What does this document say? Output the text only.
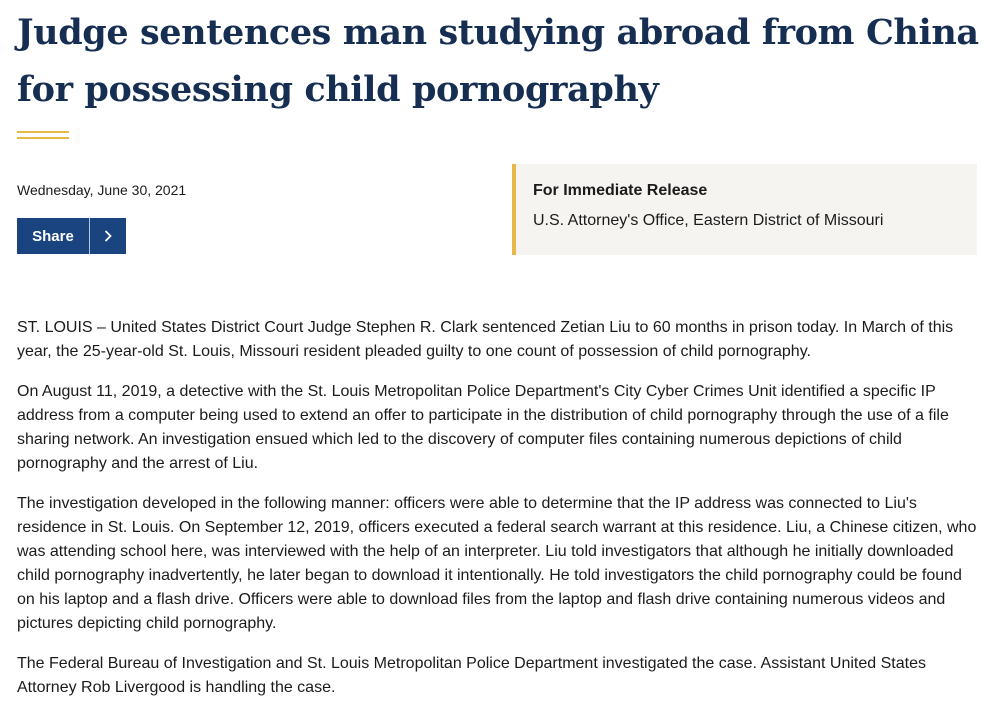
Judge sentences man studying abroad from China for possessing child pornography
Wednesday, June 30, 2021
Share

For Immediate Release

U.S. Attorney's Office, Eastern District of Missouri

ST. LOUIS – United States District Court Judge Stephen R. Clark sentenced Zetian Liu to 60 months in prison today. In March of this year, the 25-year-old St. Louis, Missouri resident pleaded guilty to one count of possession of child pornography.

On August 11, 2019, a detective with the St. Louis Metropolitan Police Department's City Cyber Crimes Unit identified a specific IP address from a computer being used to extend an offer to participate in the distribution of child pornography through the use of a file sharing network. An investigation ensued which led to the discovery of computer files containing numerous depictions of child pornography and the arrest of Liu.

The investigation developed in the following manner: officers were able to determine that the IP address was connected to Liu's residence in St. Louis. On September 12, 2019, officers executed a federal search warrant at this residence. Liu, a Chinese citizen, who was attending school here, was interviewed with the help of an interpreter. Liu told investigators that although he initially downloaded child pornography inadvertently, he later began to download it intentionally. He told investigators the child pornography could be found on his laptop and a flash drive. Officers were able to download files from the laptop and flash drive containing numerous videos and pictures depicting child pornography.

The Federal Bureau of Investigation and St. Louis Metropolitan Police Department investigated the case. Assistant United States Attorney Rob Livergood is handling the case.
